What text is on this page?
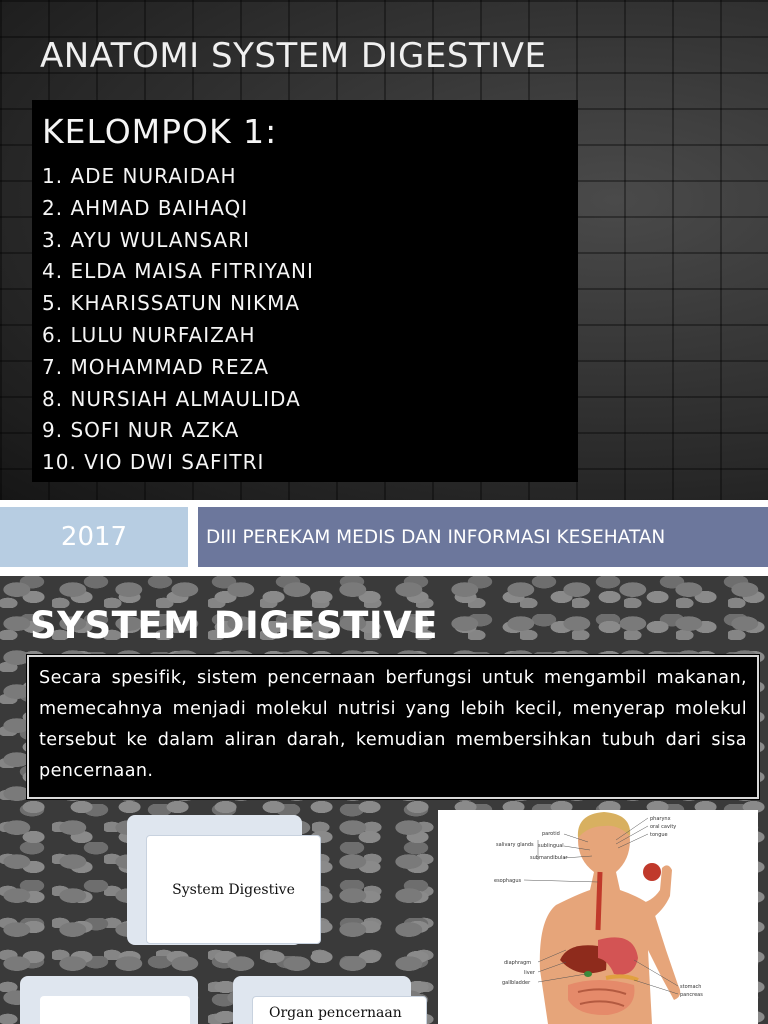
ANATOMI SYSTEM DIGESTIVE
KELOMPOK 1:
1. ADE NURAIDAH
2. AHMAD BAIHAQI
3. AYU WULANSARI
4. ELDA MAISA FITRIYANI
5. KHARISSATUN NIKMA
6. LULU NURFAIZAH
7. MOHAMMAD REZA
8. NURSIAH ALMAULIDA
9. SOFI NUR AZKA
10. VIO DWI SAFITRI
2017	DIII PEREKAM MEDIS DAN INFORMASI KESEHATAN
SYSTEM DIGESTIVE

Secara spesifik, sistem pencernaan berfungsi untuk mengambil makanan, memecahnya menjadi molekul nutrisi yang lebih kecil, menyerap molekul tersebut ke dalam aliran darah, kemudian membersihkan tubuh dari sisa pencernaan.

System Digestive
Organ pencernaan
pharynx
oral cavity
tongue
parotid
salivary glands sublingual
submandibular
esophagus
diaphragm
liver
gallbladder
stomach
pancreas
